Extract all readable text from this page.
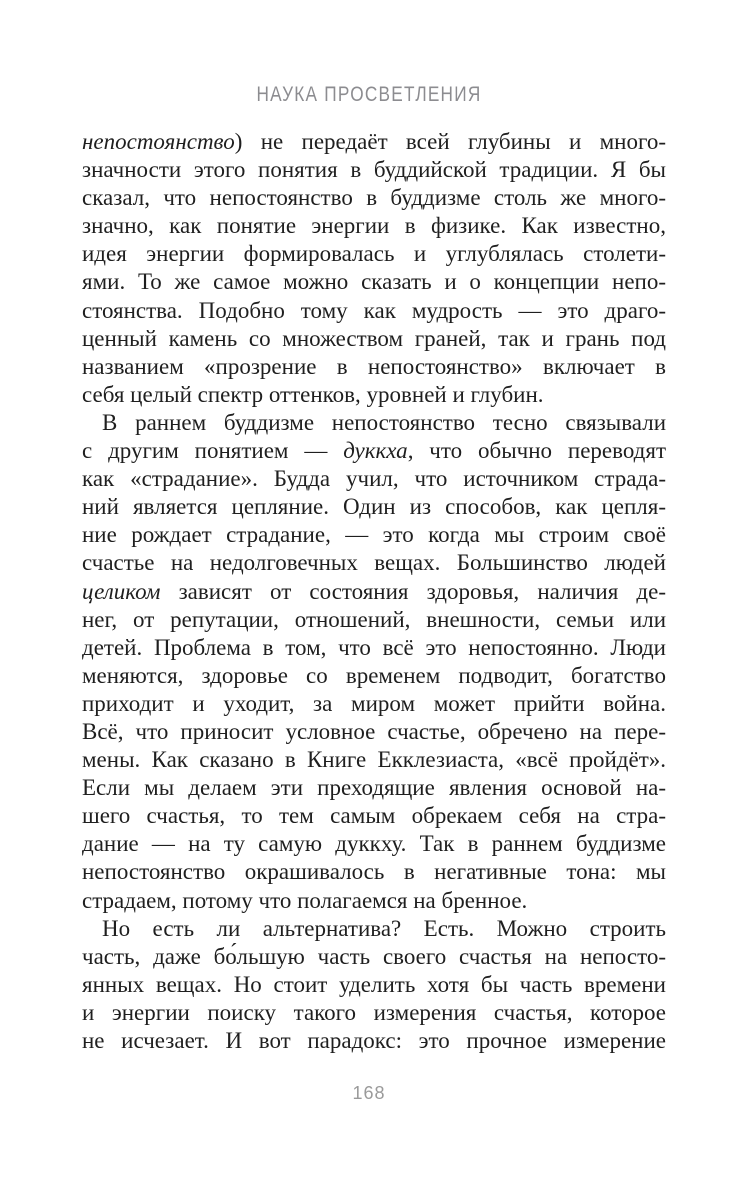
НАУКА ПРОСВЕТЛЕНИЯ
непостоянство) не передаёт всей глубины и много-
значности этого понятия в буддийской традиции. Я бы
сказал, что непостоянство в буддизме столь же много-
значно, как понятие энергии в физике. Как известно,
идея энергии формировалась и углублялась столети-
ями. То же самое можно сказать и о концепции непо-
стоянства. Подобно тому как мудрость — это драго-
ценный камень со множеством граней, так и грань под
названием «прозрение в непостоянство» включает в
себя целый спектр оттенков, уровней и глубин.
В раннем буддизме непостоянство тесно связывали
с другим понятием — дуккха, что обычно переводят
как «страдание». Будда учил, что источником страда-
ний является цепляние. Один из способов, как цепля-
ние рождает страдание, — это когда мы строим своё
счастье на недолговечных вещах. Большинство людей
целиком зависят от состояния здоровья, наличия де-
нег, от репутации, отношений, внешности, семьи или
детей. Проблема в том, что всё это непостоянно. Люди
меняются, здоровье со временем подводит, богатство
приходит и уходит, за миром может прийти война.
Всё, что приносит условное счастье, обречено на пере-
мены. Как сказано в Книге Екклезиаста, «всё пройдёт».
Если мы делаем эти преходящие явления основой на-
шего счастья, то тем самым обрекаем себя на стра-
дание — на ту самую дуккху. Так в раннем буддизме
непостоянство окрашивалось в негативные тона: мы
страдаем, потому что полагаемся на бренное.
Но есть ли альтернатива? Есть. Можно строить
часть, даже бо́льшую часть своего счастья на непосто-
янных вещах. Но стоит уделить хотя бы часть времени
и энергии поиску такого измерения счастья, которое
не исчезает. И вот парадокс: это прочное измерение
168
